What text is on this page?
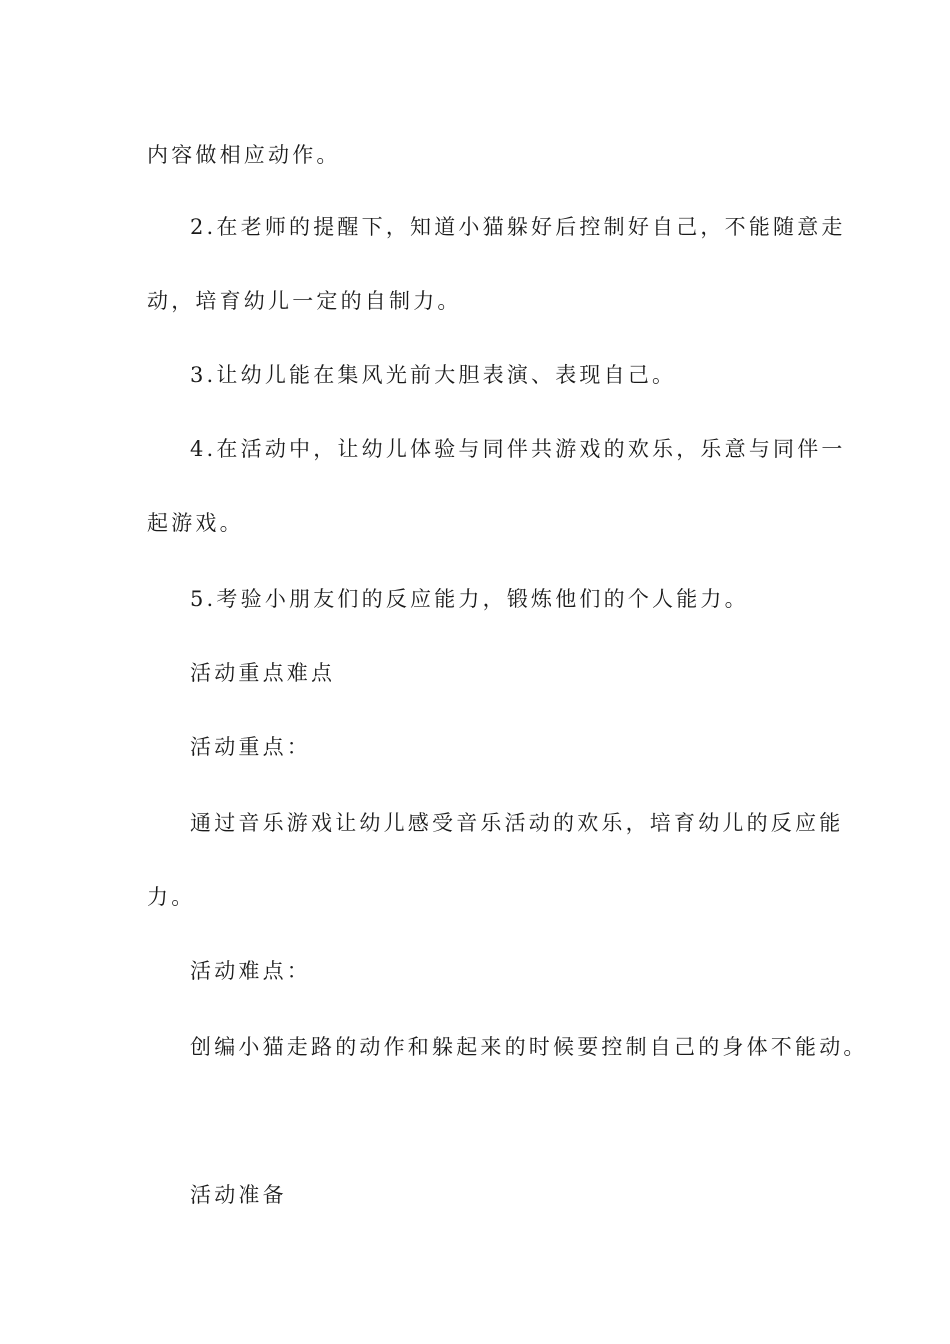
内容做相应动作。
2.在老师的提醒下，知道小猫躲好后控制好自己，不能随意走
动，培育幼儿一定的自制力。
3.让幼儿能在集风光前大胆表演、表现自己。
4.在活动中，让幼儿体验与同伴共游戏的欢乐，乐意与同伴一
起游戏。
5.考验小朋友们的反应能力，锻炼他们的个人能力。
活动重点难点
活动重点：
通过音乐游戏让幼儿感受音乐活动的欢乐，培育幼儿的反应能
力。
活动难点：
创编小猫走路的动作和躲起来的时候要控制自己的身体不能动。
活动准备
